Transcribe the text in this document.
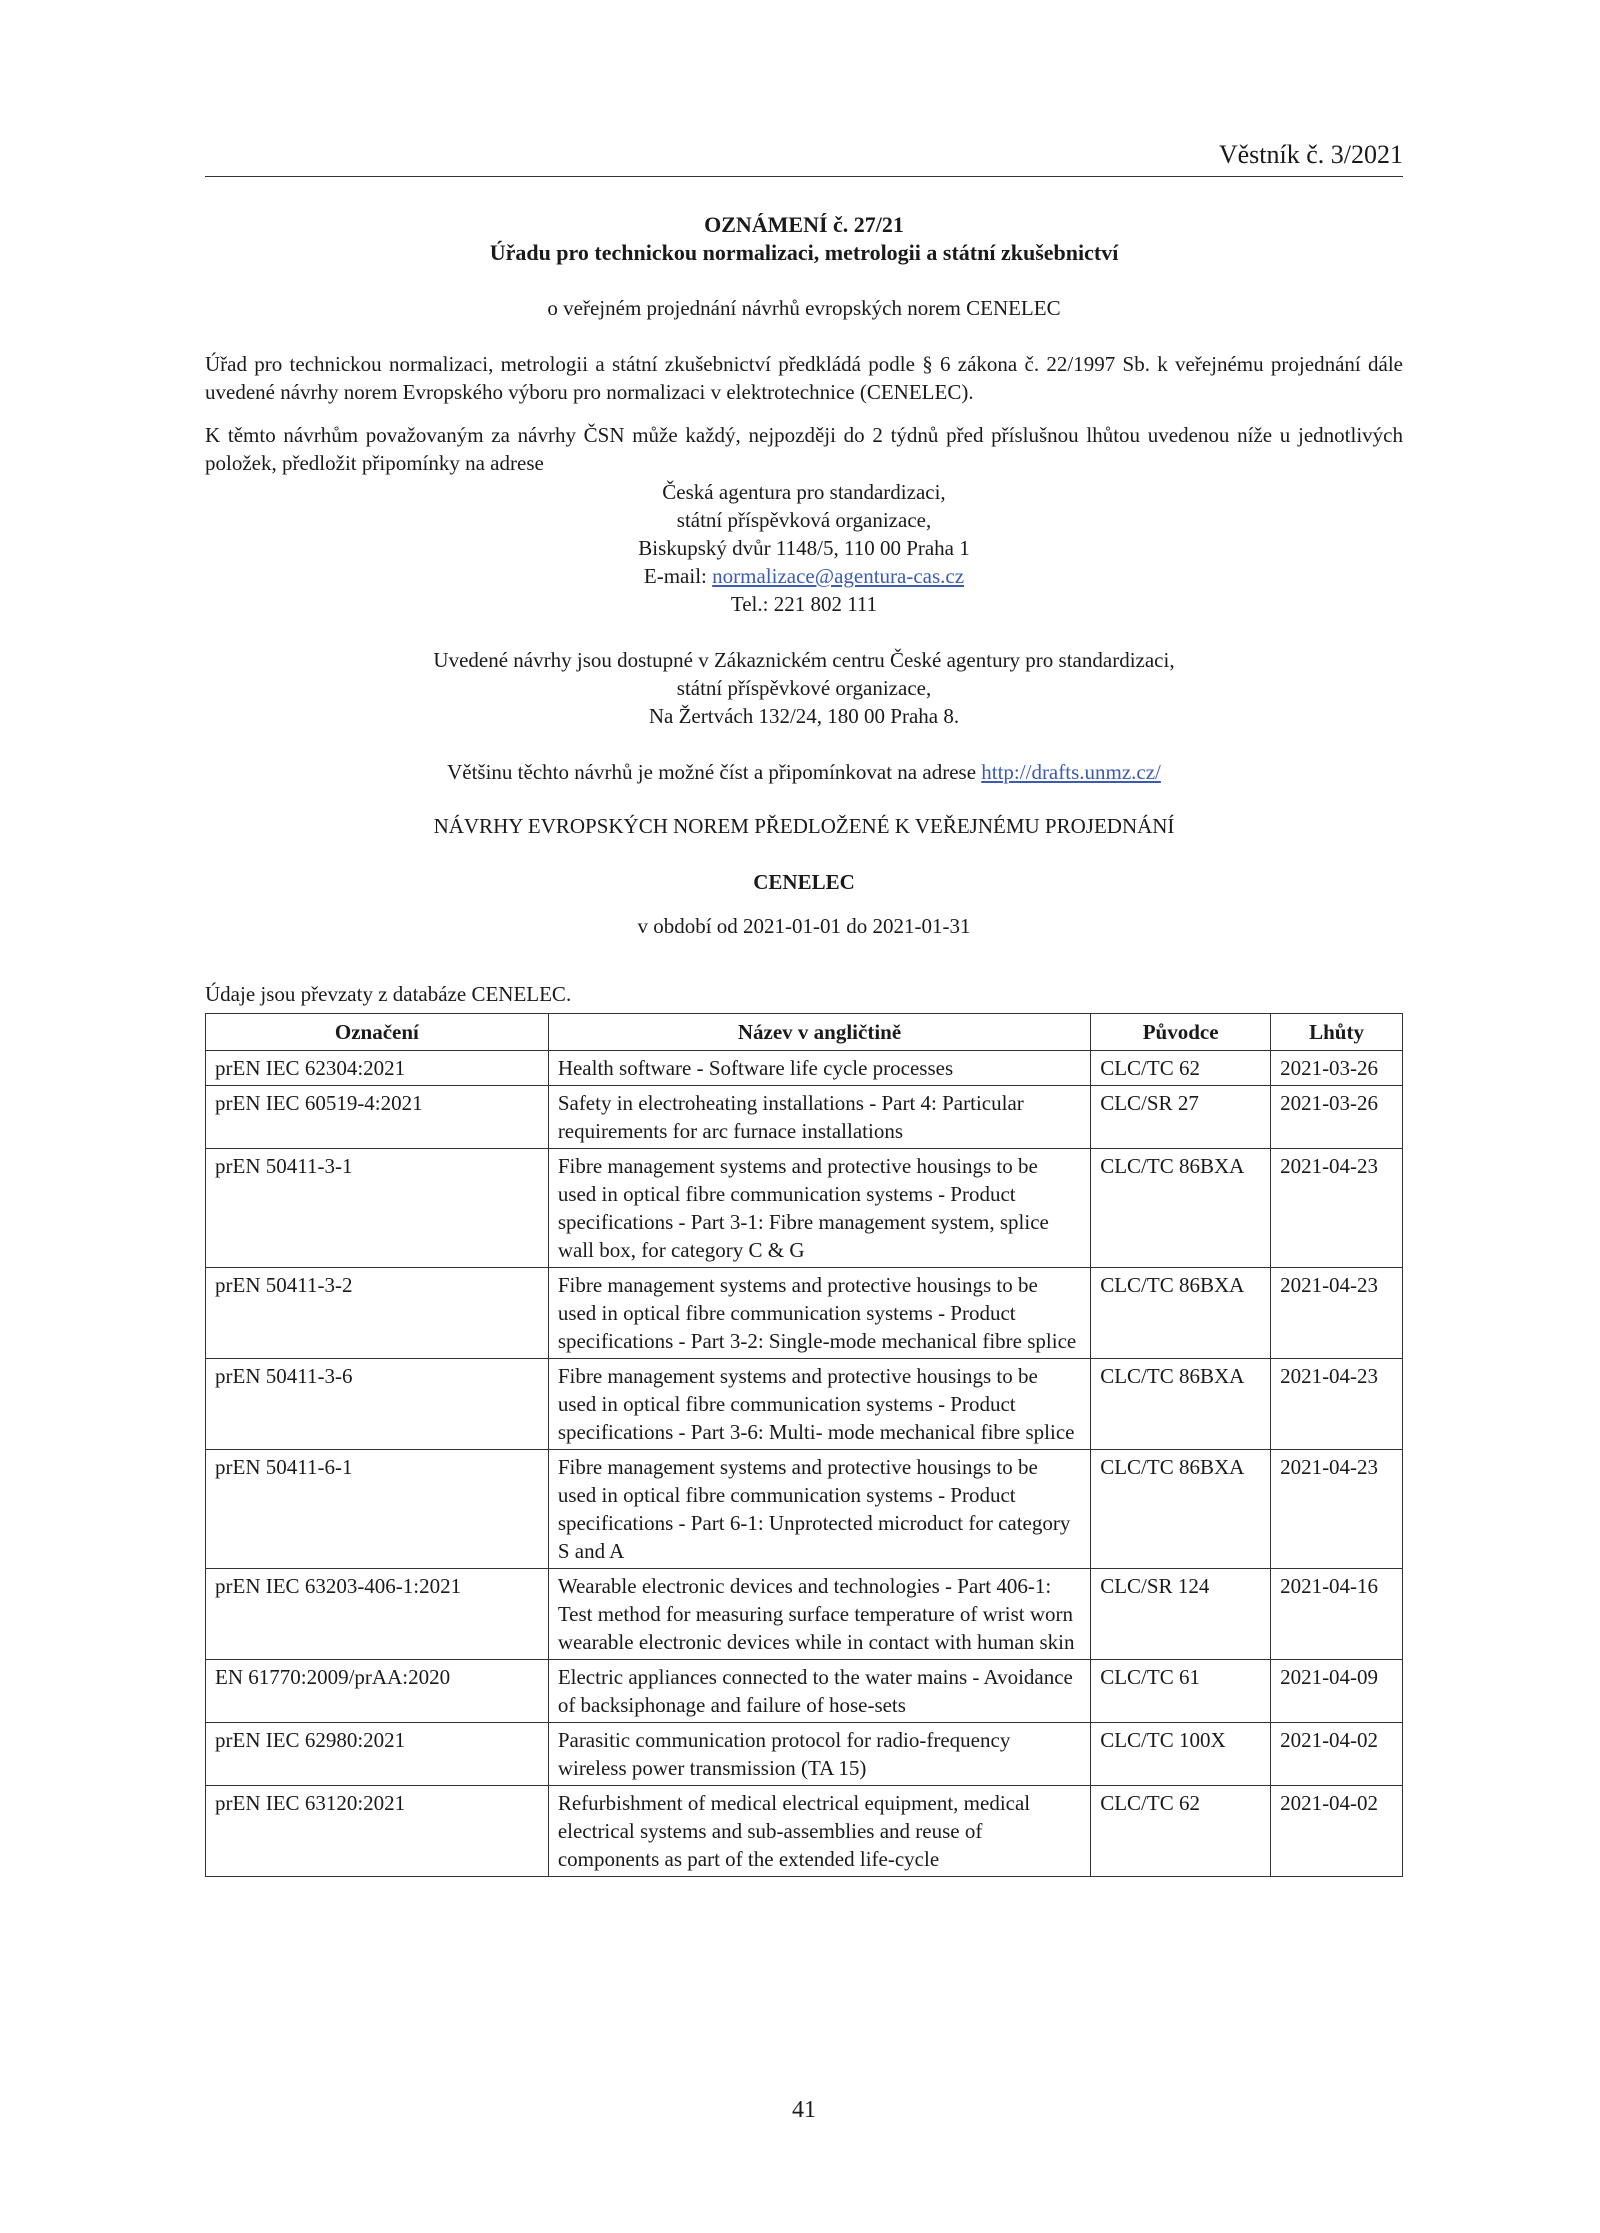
Věstník č. 3/2021
OZNÁMENÍ č. 27/21
Úřadu pro technickou normalizaci, metrologii a státní zkušebnictví
o veřejném projednání návrhů evropských norem CENELEC
Úřad pro technickou normalizaci, metrologii a státní zkušebnictví předkládá podle § 6 zákona č. 22/1997 Sb. k veřejnému projednání dále uvedené návrhy norem Evropského výboru pro normalizaci v elektrotechnice (CENELEC).
K těmto návrhům považovaným za návrhy ČSN může každý, nejpozději do 2 týdnů před příslušnou lhůtou uvedenou níže u jednotlivých položek, předložit připomínky na adrese
Česká agentura pro standardizaci,
státní příspěvková organizace,
Biskupský dvůr 1148/5, 110 00 Praha 1
E-mail: normalizace@agentura-cas.cz
Tel.: 221 802 111
Uvedené návrhy jsou dostupné v Zákaznickém centru České agentury pro standardizaci,
státní příspěvkové organizace,
Na Žertvách 132/24, 180 00 Praha 8.
Většinu těchto návrhů je možné číst a připomínkovat na adrese http://drafts.unmz.cz/
NÁVRHY EVROPSKÝCH NOREM PŘEDLOŽENÉ K VEŘEJNÉMU PROJEDNÁNÍ
CENELEC
v období od 2021-01-01 do 2021-01-31
Údaje jsou převzaty z databáze CENELEC.
Označení	Název v angličtině	Původce	Lhůty
prEN IEC 62304:2021	Health software - Software life cycle processes	CLC/TC 62	2021-03-26
prEN IEC 60519-4:2021	Safety in electroheating installations - Part 4: Particular requirements for arc furnace installations	CLC/SR 27	2021-03-26
prEN 50411-3-1	Fibre management systems and protective housings to be used in optical fibre communication systems - Product specifications - Part 3-1: Fibre management system, splice wall box, for category C & G	CLC/TC 86BXA	2021-04-23
prEN 50411-3-2	Fibre management systems and protective housings to be used in optical fibre communication systems - Product specifications - Part 3-2: Single-mode mechanical fibre splice	CLC/TC 86BXA	2021-04-23
prEN 50411-3-6	Fibre management systems and protective housings to be used in optical fibre communication systems - Product specifications - Part 3-6: Multi- mode mechanical fibre splice	CLC/TC 86BXA	2021-04-23
prEN 50411-6-1	Fibre management systems and protective housings to be used in optical fibre communication systems - Product specifications - Part 6-1: Unprotected microduct for category S and A	CLC/TC 86BXA	2021-04-23
prEN IEC 63203-406-1:2021	Wearable electronic devices and technologies - Part 406-1: Test method for measuring surface temperature of wrist worn wearable electronic devices while in contact with human skin	CLC/SR 124	2021-04-16
EN 61770:2009/prAA:2020	Electric appliances connected to the water mains - Avoidance of backsiphonage and failure of hose-sets	CLC/TC 61	2021-04-09
prEN IEC 62980:2021	Parasitic communication protocol for radio-frequency wireless power transmission (TA 15)	CLC/TC 100X	2021-04-02
prEN IEC 63120:2021	Refurbishment of medical electrical equipment, medical electrical systems and sub-assemblies and reuse of components as part of the extended life-cycle	CLC/TC 62	2021-04-02
41
